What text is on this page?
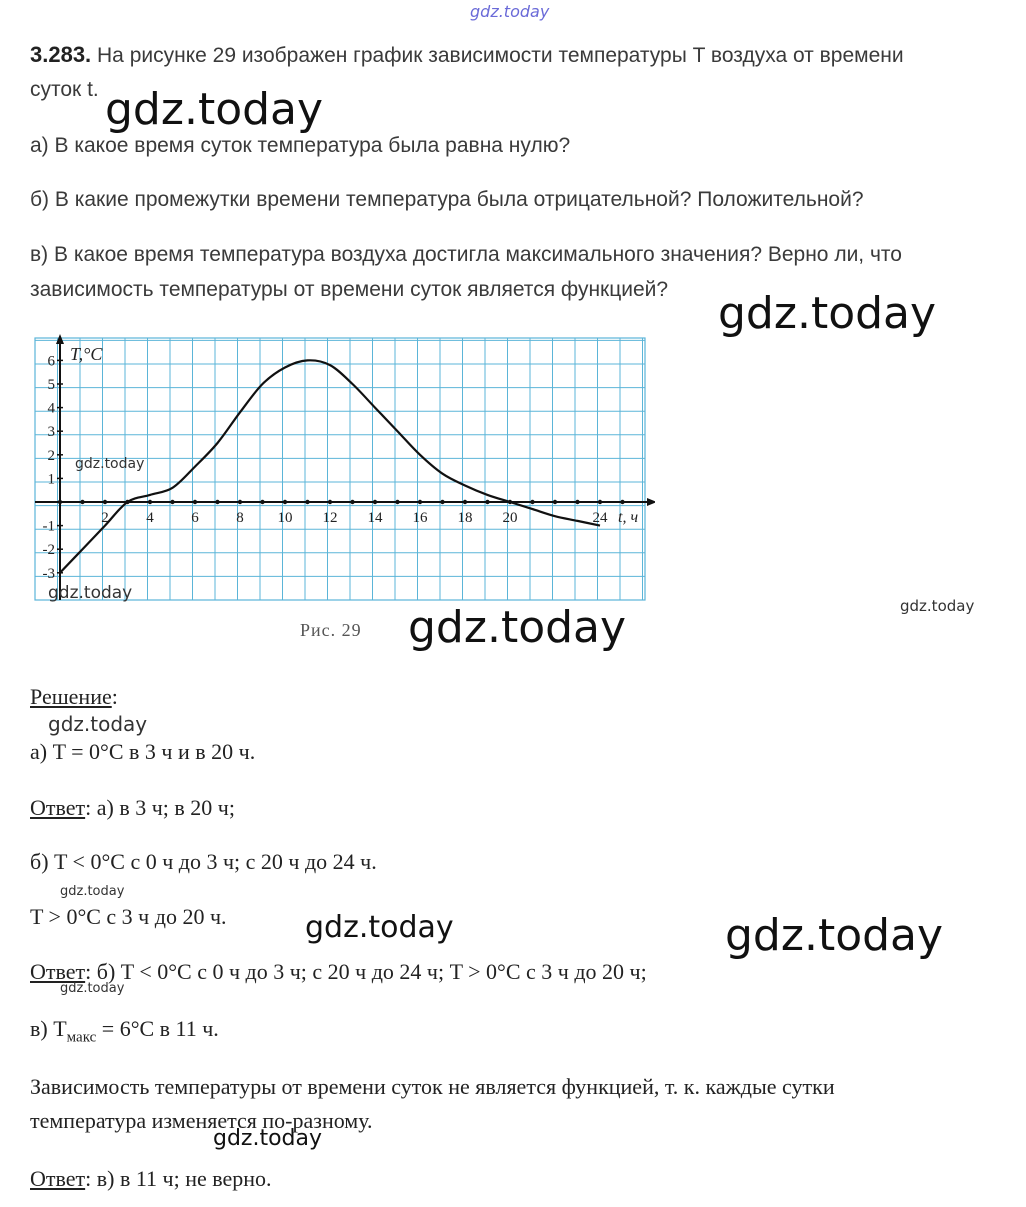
gdz.today
3.283. На рисунке 29 изображен график зависимости температуры T воздуха от времени
суток t. gdz.today
а) В какое время суток температура была равна нулю?
б) В какие промежутки времени температура была отрицательной? Положительной?
в) В какое время температура воздуха достигла максимального значения? Верно ли, что
зависимость температуры от времени суток является функцией? gdz.today
2	4	6	8 10 12 14 16 18 20	24
6
5
4
3
2
1
-1
-2
-3
T,°C
t, ч
gdz.today
gdz.today
Рис. 29 gdz.today	gdz.today
Решение:
gdz.today
а) T = 0°C в 3 ч и в 20 ч.
Ответ: а) в 3 ч; в 20 ч;
б) T < 0°C с 0 ч до 3 ч; с 20 ч до 24 ч.
gdz.today
T > 0°C с 3 ч до 20 ч.	gdz.today	gdz.today
Ответ: б) T < 0°C с 0 ч до 3 ч; с 20 ч до 24 ч; T > 0°C с 3 ч до 20 ч;
gdz.today
в) $T_{макс} = 6^\circ C$ в 11 ч.
Зависимость температуры от времени суток не является функцией, т. к. каждые сутки
температура изменяется по-разному.
gdz.today
Ответ: в) в 11 ч; не верно.
